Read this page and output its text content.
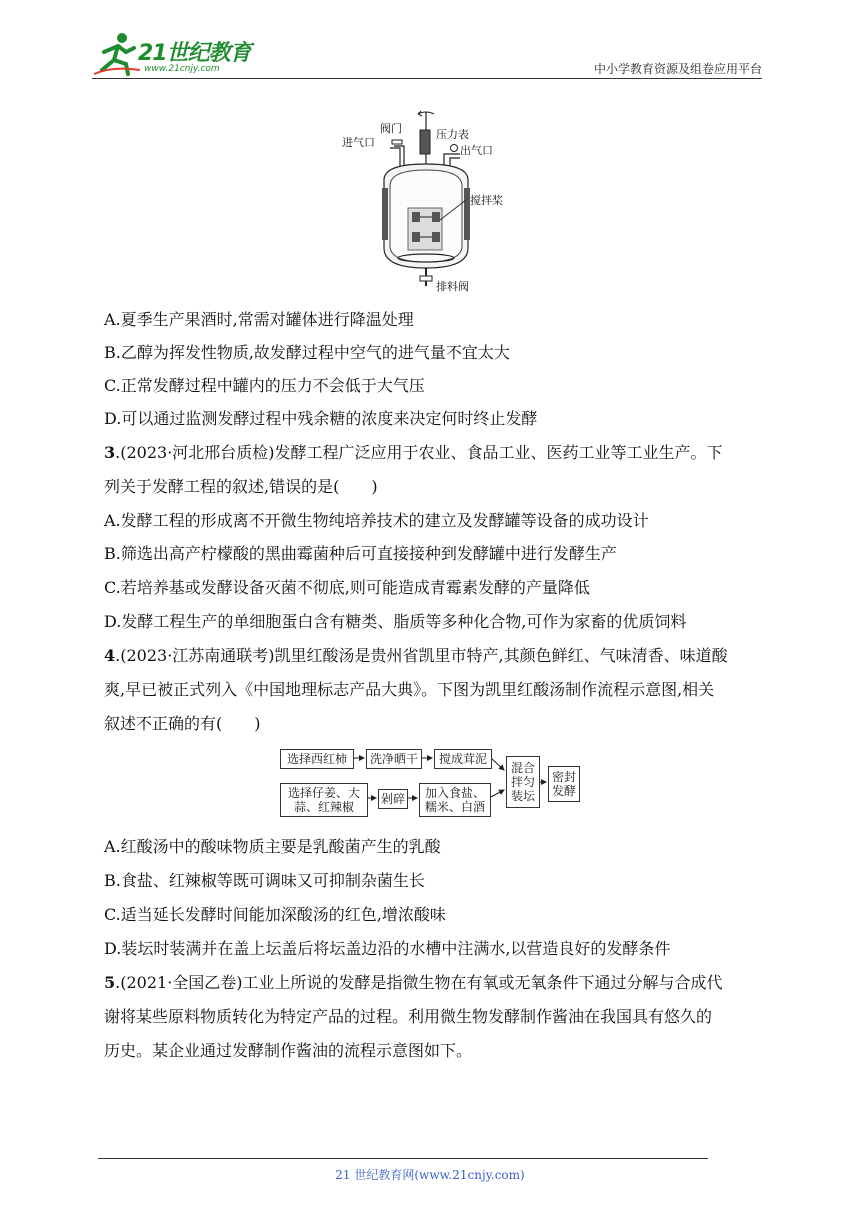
21世纪教育
www.21cnjy.com	中小学教育资源及组卷应用平台
阀门
进气口
压力表
出气口
搅拌桨
排料阀
A.夏季生产果酒时,常需对罐体进行降温处理
B.乙醇为挥发性物质,故发酵过程中空气的进气量不宜太大
C.正常发酵过程中罐内的压力不会低于大气压
D.可以通过监测发酵过程中残余糖的浓度来决定何时终止发酵
3.(2023·河北邢台质检)发酵工程广泛应用于农业、食品工业、医药工业等工业生产。下
列关于发酵工程的叙述,错误的是(　　)
A.发酵工程的形成离不开微生物纯培养技术的建立及发酵罐等设备的成功设计
B.筛选出高产柠檬酸的黑曲霉菌种后可直接接种到发酵罐中进行发酵生产
C.若培养基或发酵设备灭菌不彻底,则可能造成青霉素发酵的产量降低
D.发酵工程生产的单细胞蛋白含有糖类、脂质等多种化合物,可作为家畜的优质饲料
4.(2023·江苏南通联考)凯里红酸汤是贵州省凯里市特产,其颜色鲜红、气味清香、味道酸
爽,早已被正式列入《中国地理标志产品大典》。下图为凯里红酸汤制作流程示意图,相关
叙述不正确的有(　　)
选择西红柿	洗净晒干	搅成茸泥
选择仔姜、大
蒜、红辣椒
剁碎 加入食盐、
糯米、白酒
混合
拌匀
装坛
密封
发酵
A.红酸汤中的酸味物质主要是乳酸菌产生的乳酸
B.食盐、红辣椒等既可调味又可抑制杂菌生长
C.适当延长发酵时间能加深酸汤的红色,增浓酸味
D.装坛时装满并在盖上坛盖后将坛盖边沿的水槽中注满水,以营造良好的发酵条件
5.(2021·全国乙卷)工业上所说的发酵是指微生物在有氧或无氧条件下通过分解与合成代
谢将某些原料物质转化为特定产品的过程。利用微生物发酵制作酱油在我国具有悠久的
历史。某企业通过发酵制作酱油的流程示意图如下。
21 世纪教育网(www.21cnjy.com)
